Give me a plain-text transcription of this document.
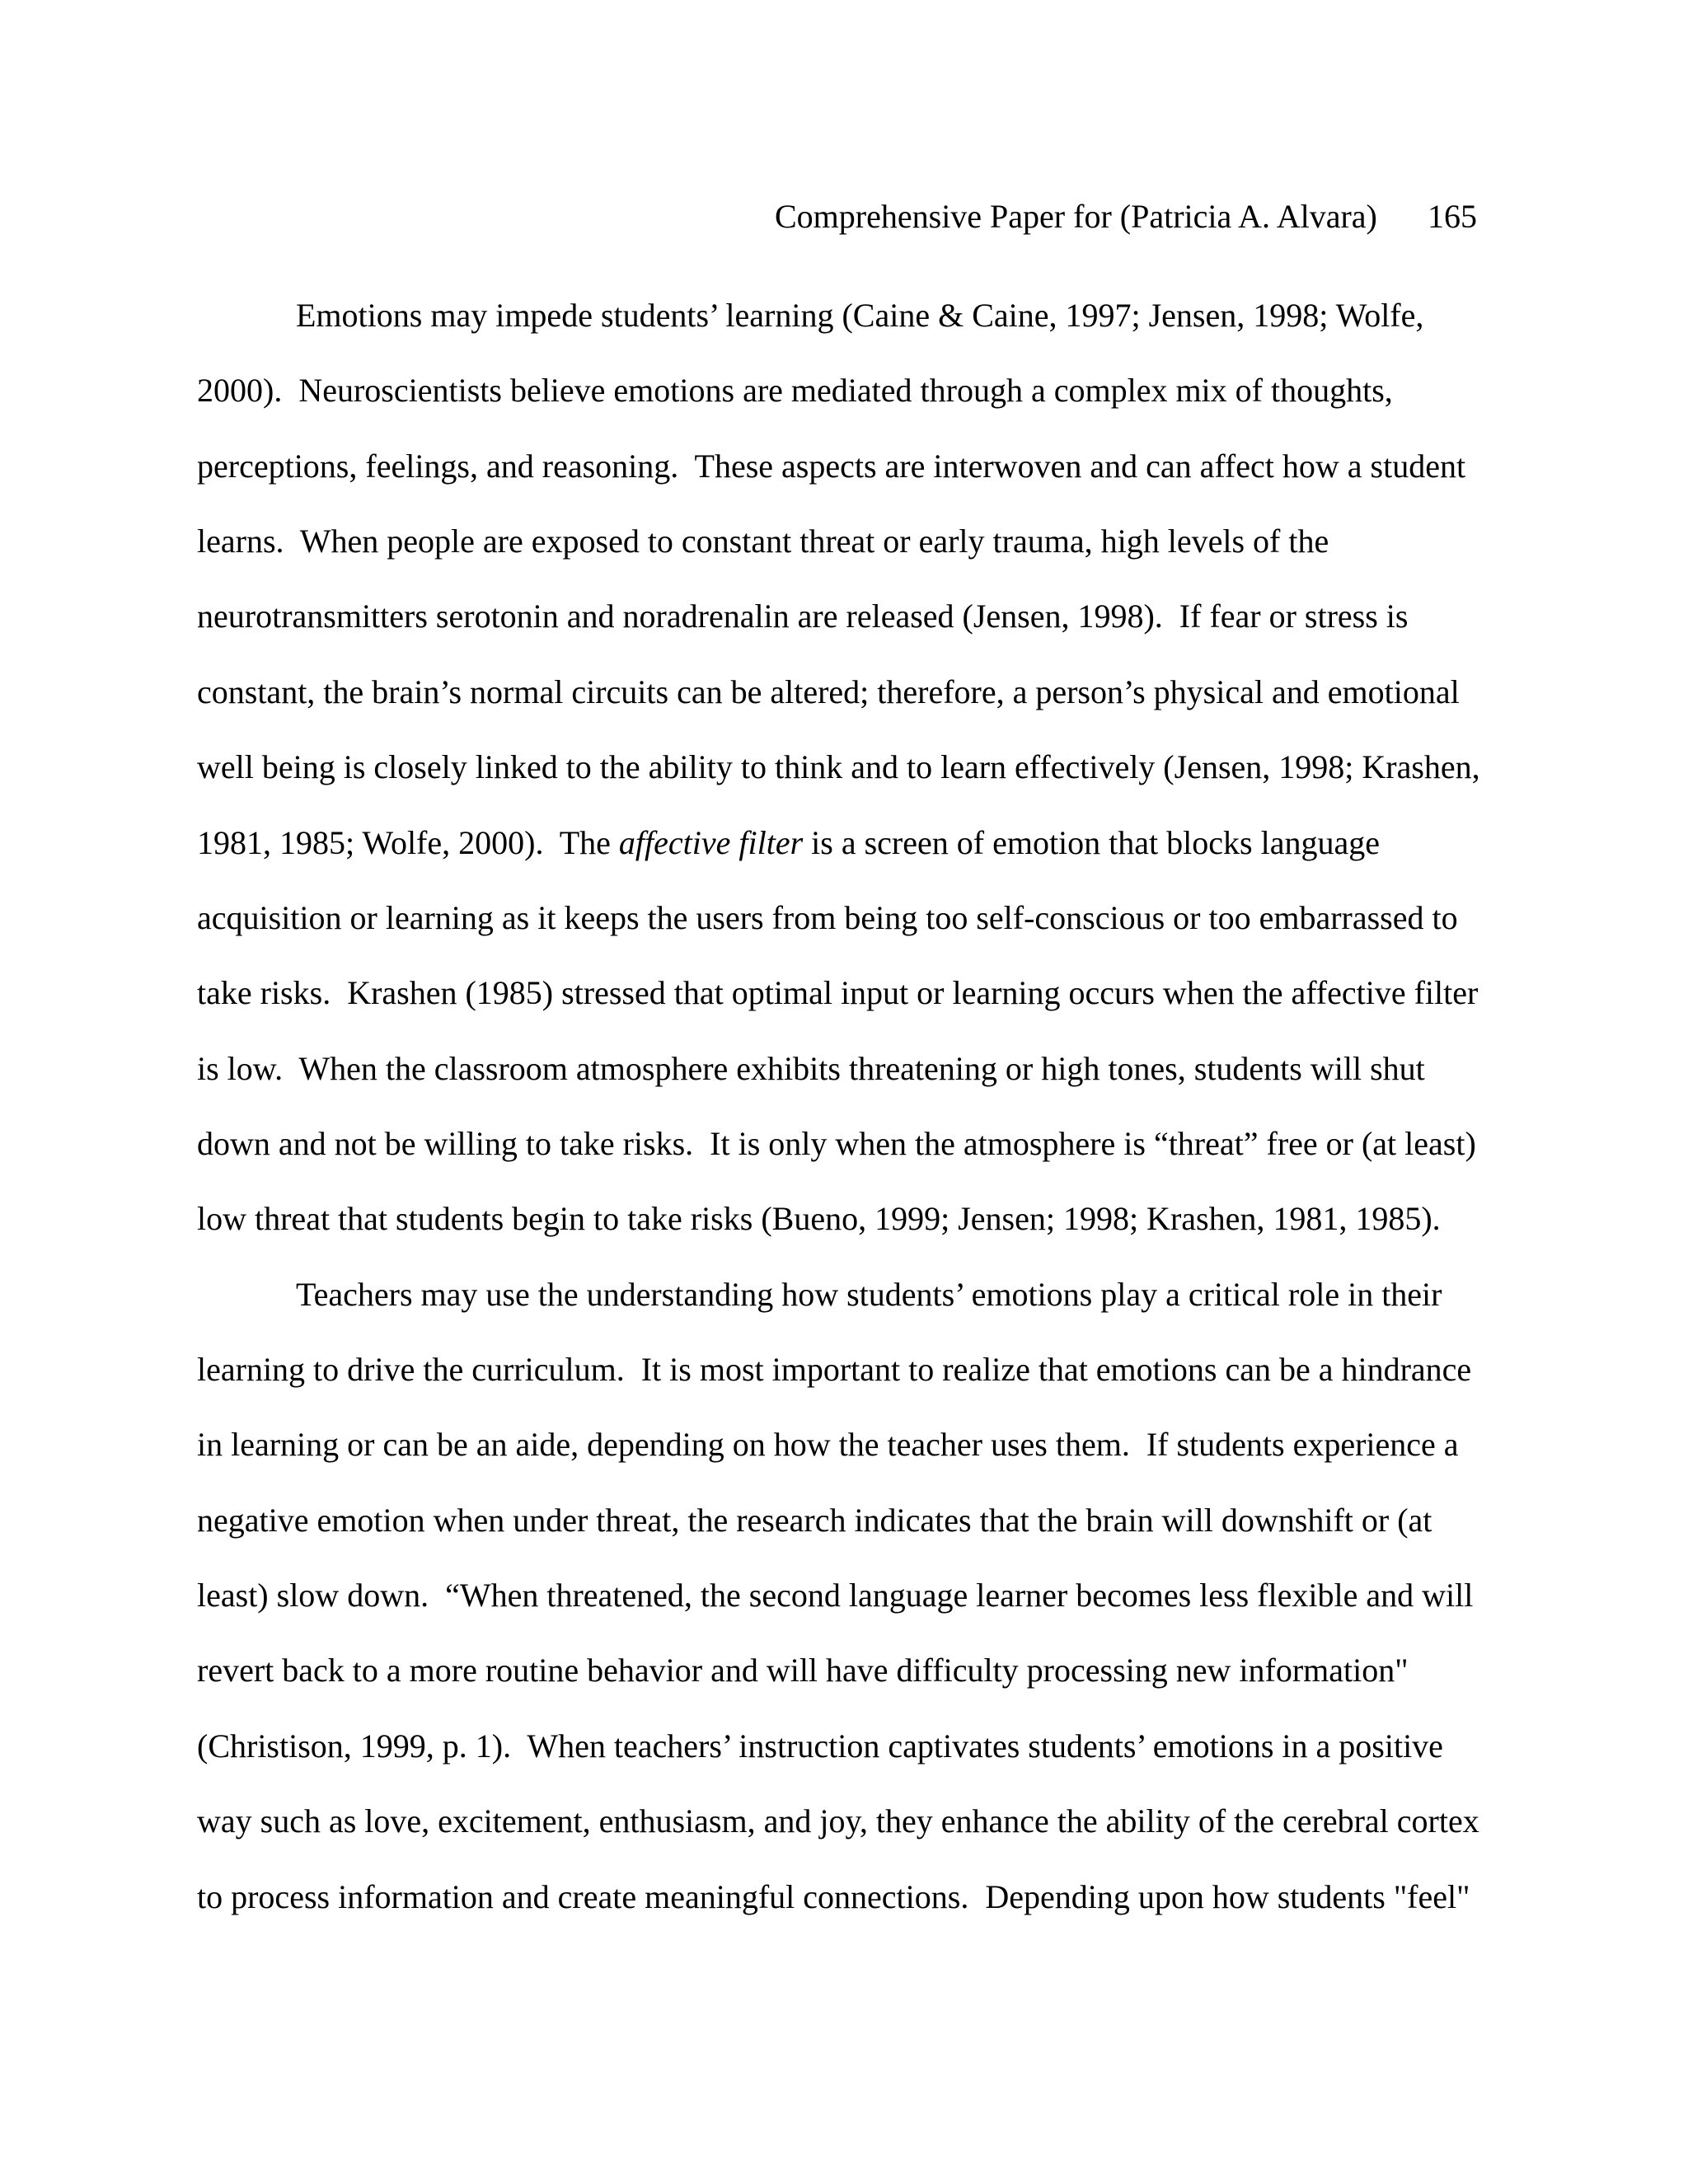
Comprehensive Paper for (Patricia A. Alvara) 165
Emotions may impede students’ learning (Caine & Caine, 1997; Jensen, 1998; Wolfe,
2000).  Neuroscientists believe emotions are mediated through a complex mix of thoughts,
perceptions, feelings, and reasoning.  These aspects are interwoven and can affect how a student
learns.  When people are exposed to constant threat or early trauma, high levels of the
neurotransmitters serotonin and noradrenalin are released (Jensen, 1998).  If fear or stress is
constant, the brain’s normal circuits can be altered; therefore, a person’s physical and emotional
well being is closely linked to the ability to think and to learn effectively (Jensen, 1998; Krashen,
1981, 1985; Wolfe, 2000).  The affective filter is a screen of emotion that blocks language
acquisition or learning as it keeps the users from being too self-conscious or too embarrassed to
take risks.  Krashen (1985) stressed that optimal input or learning occurs when the affective filter
is low.  When the classroom atmosphere exhibits threatening or high tones, students will shut
down and not be willing to take risks.  It is only when the atmosphere is “threat” free or (at least)
low threat that students begin to take risks (Bueno, 1999; Jensen; 1998; Krashen, 1981, 1985).
Teachers may use the understanding how students’ emotions play a critical role in their
learning to drive the curriculum.  It is most important to realize that emotions can be a hindrance
in learning or can be an aide, depending on how the teacher uses them.  If students experience a
negative emotion when under threat, the research indicates that the brain will downshift or (at
least) slow down.  “When threatened, the second language learner becomes less flexible and will
revert back to a more routine behavior and will have difficulty processing new information"
(Christison, 1999, p. 1).  When teachers’ instruction captivates students’ emotions in a positive
way such as love, excitement, enthusiasm, and joy, they enhance the ability of the cerebral cortex
to process information and create meaningful connections.  Depending upon how students "feel"
